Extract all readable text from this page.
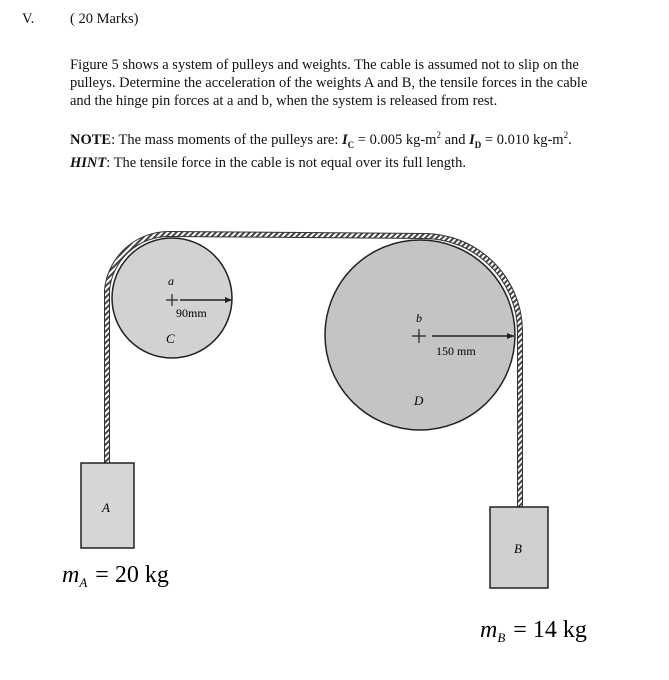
V. ( 20 Marks)
Figure 5 shows a system of pulleys and weights. The cable is assumed not to slip on the
pulleys. Determine the acceleration of the weights A and B, the tensile forces in the cable
and the hinge pin forces at a and b, when the system is released from rest.
NOTE: The mass moments of the pulleys are: $I_C = 0.005$ $kg-m^2$ and $I_D = 0.010$ $kg-m^2$.
HINT: The tensile force in the cable is not equal over its full length.
a
90mm
C
b
150 mm
D
A
B
$m_A = 20$ kg
$m_B = 14$ kg
